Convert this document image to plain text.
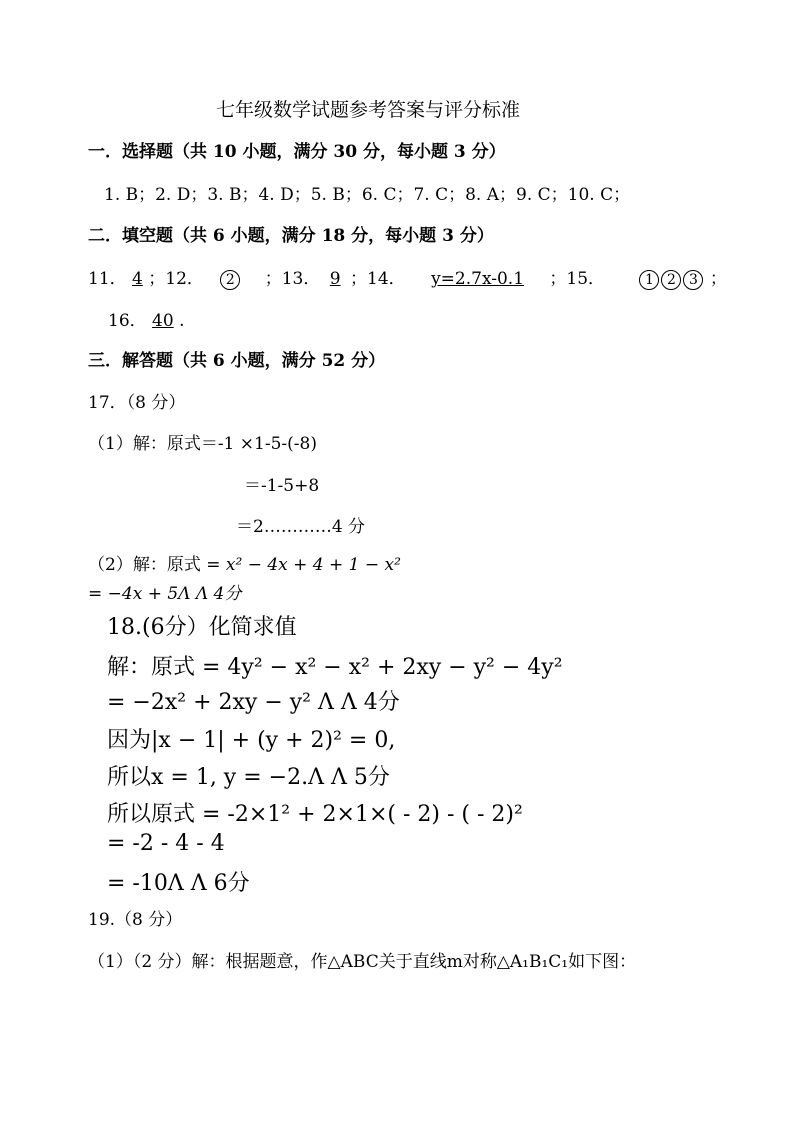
七年级数学试题参考答案与评分标准
一．选择题（共 10 小题，满分 30 分，每小题 3 分）
1. B；2. D；3. B；4. D；5. B；6. C；7. C；8. A；9. C；10. C；
二．填空题（共 6 小题，满分 18 分，每小题 3 分）
11． 4 ；12． 2 ；13． 9 ；14． y=2.7x-0.1 ；15．	1 2 3 ；
16． 40 .
三．解答题（共 6 小题，满分 52 分）
17．（8 分）
（1）解：原式＝-1 ×1-5-(-8)
＝-1-5+8
＝2…………4 分
（2）解：原式 = x² − 4x + 4 + 1 − x²
= −4x + 5Λ Λ 4分
18.(6分）化简求值
解：原式 = 4y² − x² − x² + 2xy − y² − 4y²
= −2x² + 2xy − y² Λ Λ 4分
因为|x − 1| + (y + 2)² = 0,
所以x = 1, y = −2.Λ Λ 5分
所以原式 = -2×1² + 2×1×( - 2) - ( - 2)²
= -2 - 4 - 4
= -10Λ Λ 6分
19.（8 分）
（1）（2 分）解：根据题意，作△ABC关于直线m对称△A₁B₁C₁如下图：
